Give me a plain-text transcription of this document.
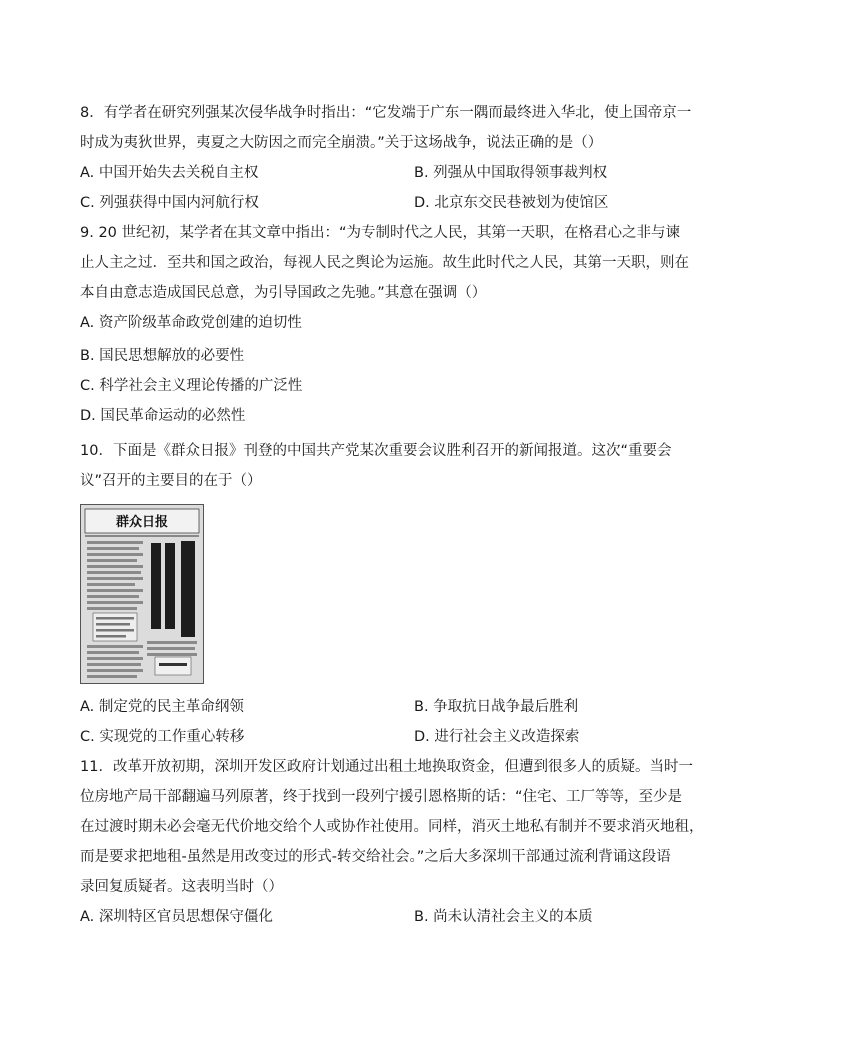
8．有学者在研究列强某次侵华战争时指出：“它发端于广东一隅而最终进入华北，使上国帝京一
时成为夷狄世界，夷夏之大防因之而完全崩溃。”关于这场战争，说法正确的是（）
A. 中国开始失去关税自主权	B. 列强从中国取得领事裁判权
C. 列强获得中国内河航行权	D. 北京东交民巷被划为使馆区
9. 20 世纪初，某学者在其文章中指出：“为专制时代之人民，其第一天职，在格君心之非与谏
止人主之过．至共和国之政治，每视人民之舆论为运施。故生此时代之人民，其第一天职，则在
本自由意志造成国民总意，为引导国政之先驰。”其意在强调（）
A. 资产阶级革命政党创建的迫切性
B. 国民思想解放的必要性
C. 科学社会主义理论传播的广泛性
D. 国民革命运动的必然性
10．下面是《群众日报》刊登的中国共产党某次重要会议胜利召开的新闻报道。这次“重要会
议”召开的主要目的在于（）
群众日报
A. 制定党的民主革命纲领	B. 争取抗日战争最后胜利
C. 实现党的工作重心转移	D. 进行社会主义改造探索
11．改革开放初期，深圳开发区政府计划通过出租土地换取资金，但遭到很多人的质疑。当时一
位房地产局干部翻遍马列原著，终于找到一段列宁援引恩格斯的话：“住宅、工厂等等，至少是
在过渡时期未必会毫无代价地交给个人或协作社使用。同样，消灭土地私有制并不要求消灭地租，
而是要求把地租-虽然是用改变过的形式-转交给社会。”之后大多深圳干部通过流利背诵这段语
录回复质疑者。这表明当时（）
A. 深圳特区官员思想保守僵化	B. 尚未认清社会主义的本质
